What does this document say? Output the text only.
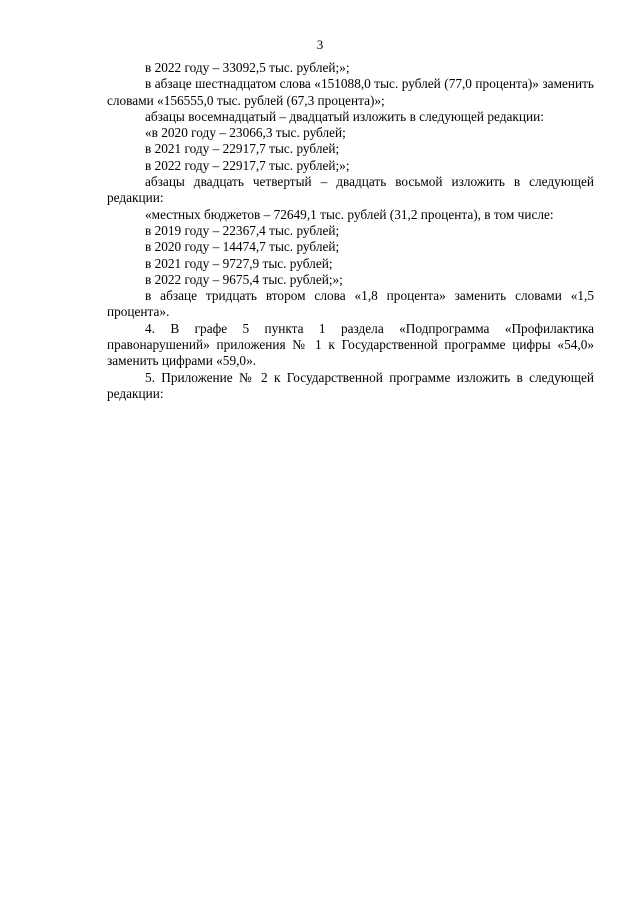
3

в 2022 году – 33092,5 тыс. рублей;»;

в абзаце шестнадцатом слова «151088,0 тыс. рублей (77,0 процента)» заменить словами «156555,0 тыс. рублей (67,3 процента)»;

абзацы восемнадцатый – двадцатый изложить в следующей редакции:

«в 2020 году – 23066,3 тыс. рублей;

в 2021 году – 22917,7 тыс. рублей;

в 2022 году – 22917,7 тыс. рублей;»;

абзацы двадцать четвертый – двадцать восьмой изложить в следующей редакции:

«местных бюджетов – 72649,1 тыс. рублей (31,2 процента), в том числе:

в 2019 году – 22367,4 тыс. рублей;

в 2020 году – 14474,7 тыс. рублей;

в 2021 году – 9727,9 тыс. рублей;

в 2022 году – 9675,4 тыс. рублей;»;

в абзаце тридцать втором слова «1,8 процента» заменить словами «1,5 процента».

4. В графе 5 пункта 1 раздела «Подпрограмма «Профилактика правонарушений» приложения № 1 к Государственной программе цифры «54,0» заменить цифрами «59,0».

5. Приложение № 2 к Государственной программе изложить в следующей редакции:
